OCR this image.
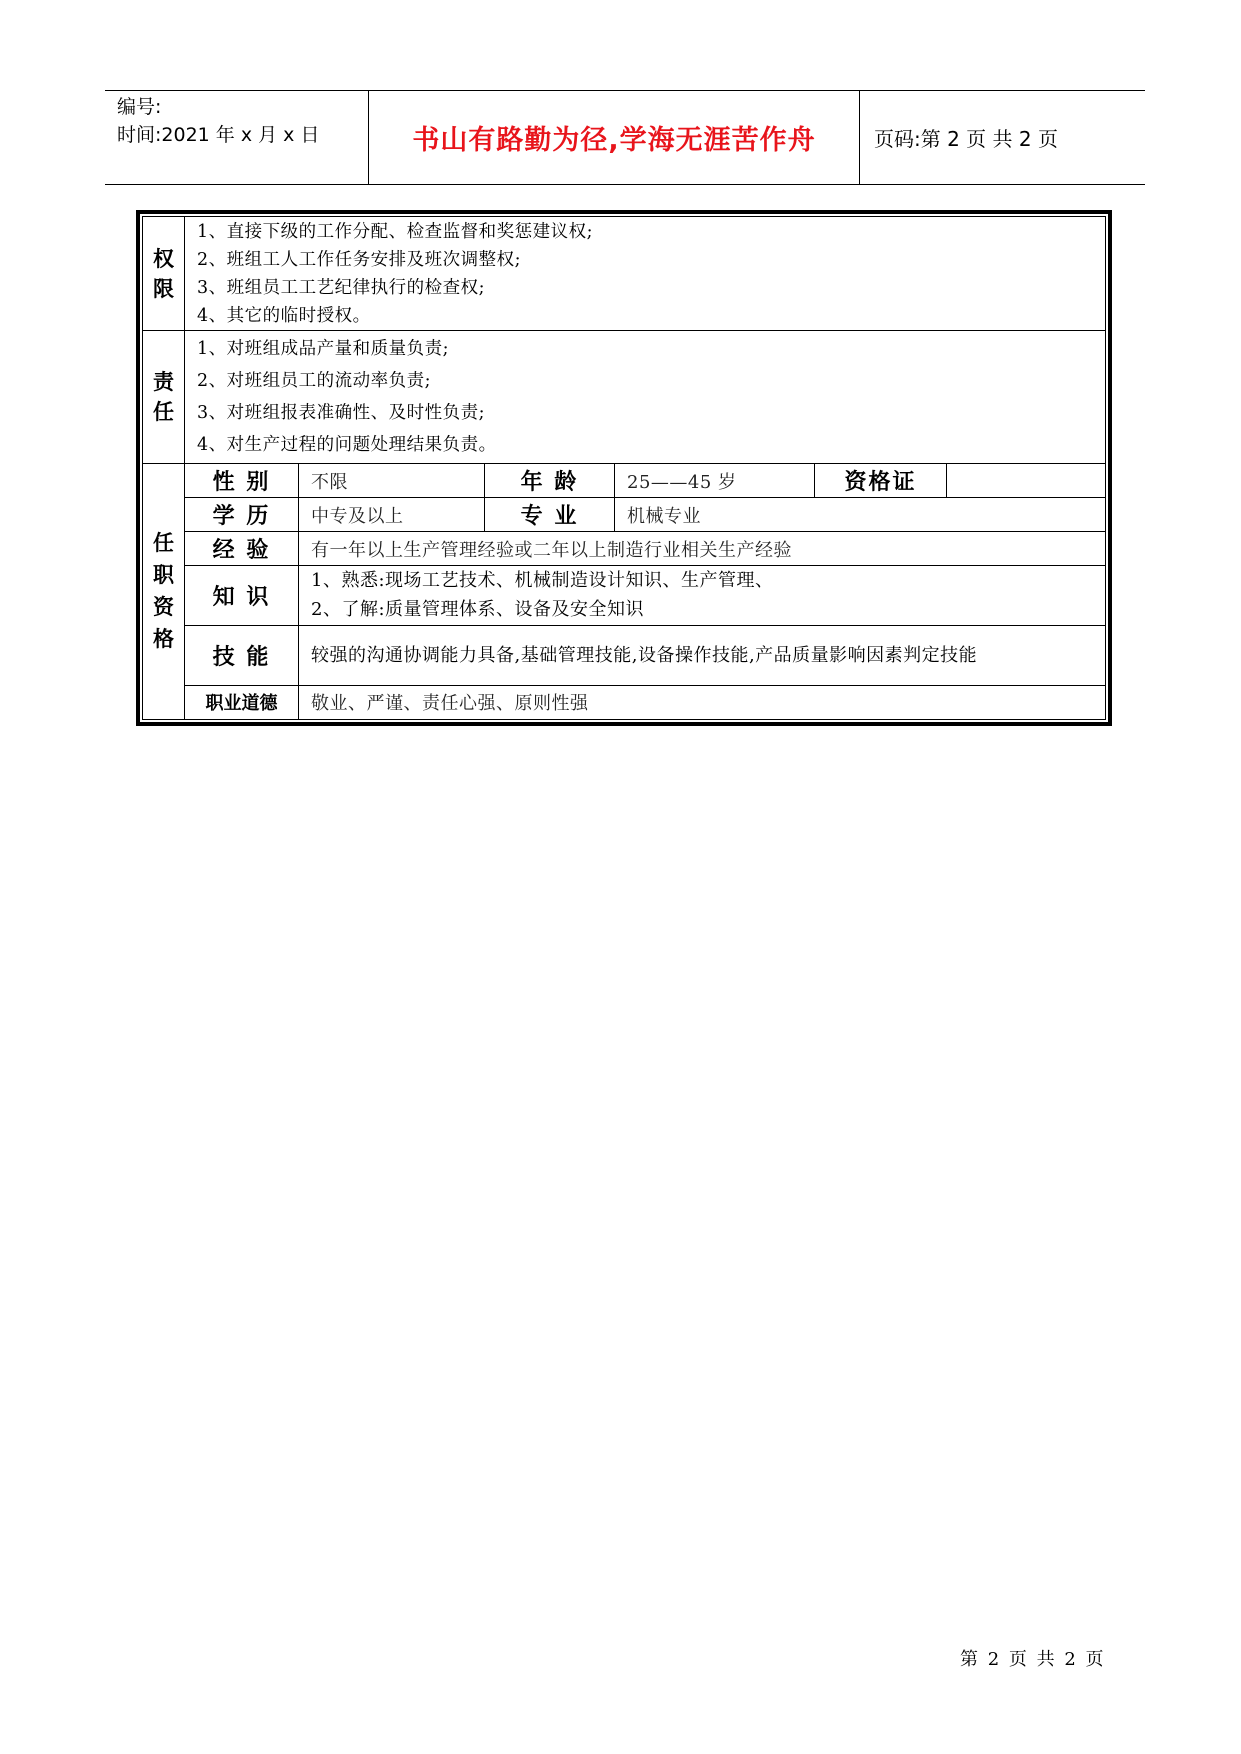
编号:
时间:2021 年 x 月 x 日	书山有路勤为径,学海无涯苦作舟	页码:第 2 页 共 2 页
权限	1、直接下级的工作分配、检查监督和奖惩建议权;
2、班组工人工作任务安排及班次调整权;
3、班组员工工艺纪律执行的检查权;
4、其它的临时授权。					

责任	1、对班组成品产量和质量负责;
2、对班组员工的流动率负责;
3、对班组报表准确性、及时性负责;
4、对生产过程的问题处理结果负责。					

任职资格	性 别	不限	年 龄	25——45 岁	资格证	
	学 历	中专及以上	专 业	机械专业		
	经 验	有一年以上生产管理经验或二年以上制造行业相关生产经验				
	知 识	1、熟悉:现场工艺技术、机械制造设计知识、生产管理、
2、了解:质量管理体系、设备及安全知识				

	技 能	较强的沟通协调能力具备,基础管理技能,设备操作技能,产品质量影响因素判定技能				
	职业道德	敬业、严谨、责任心强、原则性强				
第 2 页 共 2 页
